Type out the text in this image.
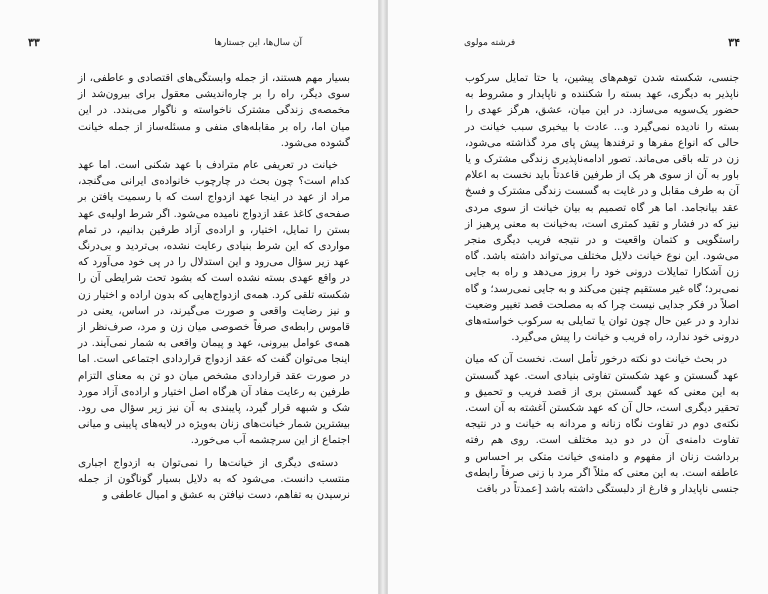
۳۳	آن سال‌ها، این جستارها

بسیار مهم هستند، از جمله وابستگی‌های اقتصادی و عاطفی، از سوی دیگر، راه را بر چاره‌اندیشی معقول برای بیرون‌شد از مخمصه‌ی زندگی مشترک ناخواسته و ناگوار می‌بندد. در این میان اما، راه بر مقابله‌های منفی و مسئله‌ساز از جمله خیانت گشوده می‌شود.

خیانت در تعریفی عام مترادف با عهد شکنی است. اما عهد کدام است؟ چون بحث در چارچوب خانواده‌ی ایرانی می‌گنجد، مراد از عهد در اینجا عهد ازدواج است که با رسمیت یافتن بر صفحه‌ی کاغذ عقد ازدواج نامیده می‌شود. اگر شرط اولیه‌ی عهد بستن را تمایل، اختیار، و اراده‌ی آزاد طرفین بدانیم، در تمام مواردی که این شرط بنیادی رعایت نشده، بی‌تردید و بی‌درنگ عهد زیر سؤال می‌رود و این استدلال را در پی خود می‌آورد که در واقع عهدی بسته نشده است که بشود تحت شرایطی آن را شکسته تلقی کرد. همه‌ی ازدواج‌هایی که بدون اراده و اختیار زن و نیز رضایت واقعی و صورت می‌گیرند، در اساس، یعنی در قاموس رابطه‌ی صرفاً خصوصی میان زن و مرد، صرف‌نظر از همه‌ی عوامل بیرونی، عهد و پیمان واقعی به شمار نمی‌آیند. در اینجا می‌توان گفت که عقد ازدواج قراردادی اجتماعی است. اما در صورت عقد قراردادی مشخص میان دو تن به معنای التزام طرفین به رعایت مفاد آن هرگاه اصل اختیار و اراده‌ی آزاد مورد شک و شبهه قرار گیرد، پایبندی به آن نیز زیر سؤال می‌ رود. بیشترین شمار خیانت‌های زنان به‌ویژه در لایه‌های پایینی و میانی اجتماع از این سرچشمه آب می‌خورد.

دسته‌ی دیگری از خیانت‌ها را نمی‌توان به ازدواج اجباری منتسب دانست. می‌شود که به دلایل بسیار گوناگون از جمله نرسیدن به تفاهم، دست نیافتن به عشق و امیال عاطفی و

فرشته مولوی	۳۴

جنسی، شکسته شدن توهم‌های پیشین، یا حتا تمایل سرکوب ناپذیر به دیگری، عهد بسته را شکننده و ناپایدار و مشروط به حضور یک‌سویه می‌سازد. در این میان، عشق، هرگز عهدی را بسته را نادیده نمی‌گیرد و... عادت با بیخبری سبب خیانت در حالی که انواع مفرها و ترفندها پیش پای مرد گذاشته می‌شود، زن در تله باقی می‌ماند. تصور ادامه‌ناپذیری زندگی مشترک و یا باور به آن از سوی هر یک از طرفین قاعدتاً باید نخست به اعلام آن به طرف مقابل و در غایت به گسست زندگی مشترک و فسخ عقد بیانجامد. اما هر گاه تصمیم به بیان خیانت از سوی مردی نیز که در فشار و تقید کمتری است، به‌خیانت به معنی پرهیز از راستگویی و کتمان واقعیت و در نتیجه فریب دیگری منجر می‌شود. این نوع خیانت دلایل مختلف می‌تواند داشته باشد. گاه زن آشکارا تمایلات درونی خود را بروز می‌دهد و راه به جایی نمی‌برد؛ گاه غیر مستقیم چنین می‌کند و به جایی نمی‌رسد؛ و گاه اصلاً در فکر جدایی نیست چرا که به مصلحت قصد تغییر وضعیت ندارد و در عین حال چون توان یا تمایلی به سرکوب خواسته‌های درونی خود ندارد، راه فریب و خیانت را پیش می‌گیرد.

در بحث خیانت دو نکته درخور تأمل است. نخست آن که میان عهد گسستن و عهد شکستن تفاوتی بنیادی است. عهد گسستن به این معنی که عهد گسستن بری از قصد فریب و تحمیق و تحقیر دیگری است، حال آن که عهد شکستن آغشته به آن است. نکته‌ی دوم در تفاوت نگاه زنانه و مردانه به خیانت و در نتیجه تفاوت دامنه‌ی آن در دو دید مختلف است. روی هم رفته برداشت زنان از مفهوم و دامنه‌ی خیانت متکی بر احساس و عاطفه است. به این معنی که مثلاً اگر مرد با زنی صرفاً رابطه‌ی جنسی ناپایدار و فارغ از دلبستگی داشته باشد [عمدتاً در بافت
